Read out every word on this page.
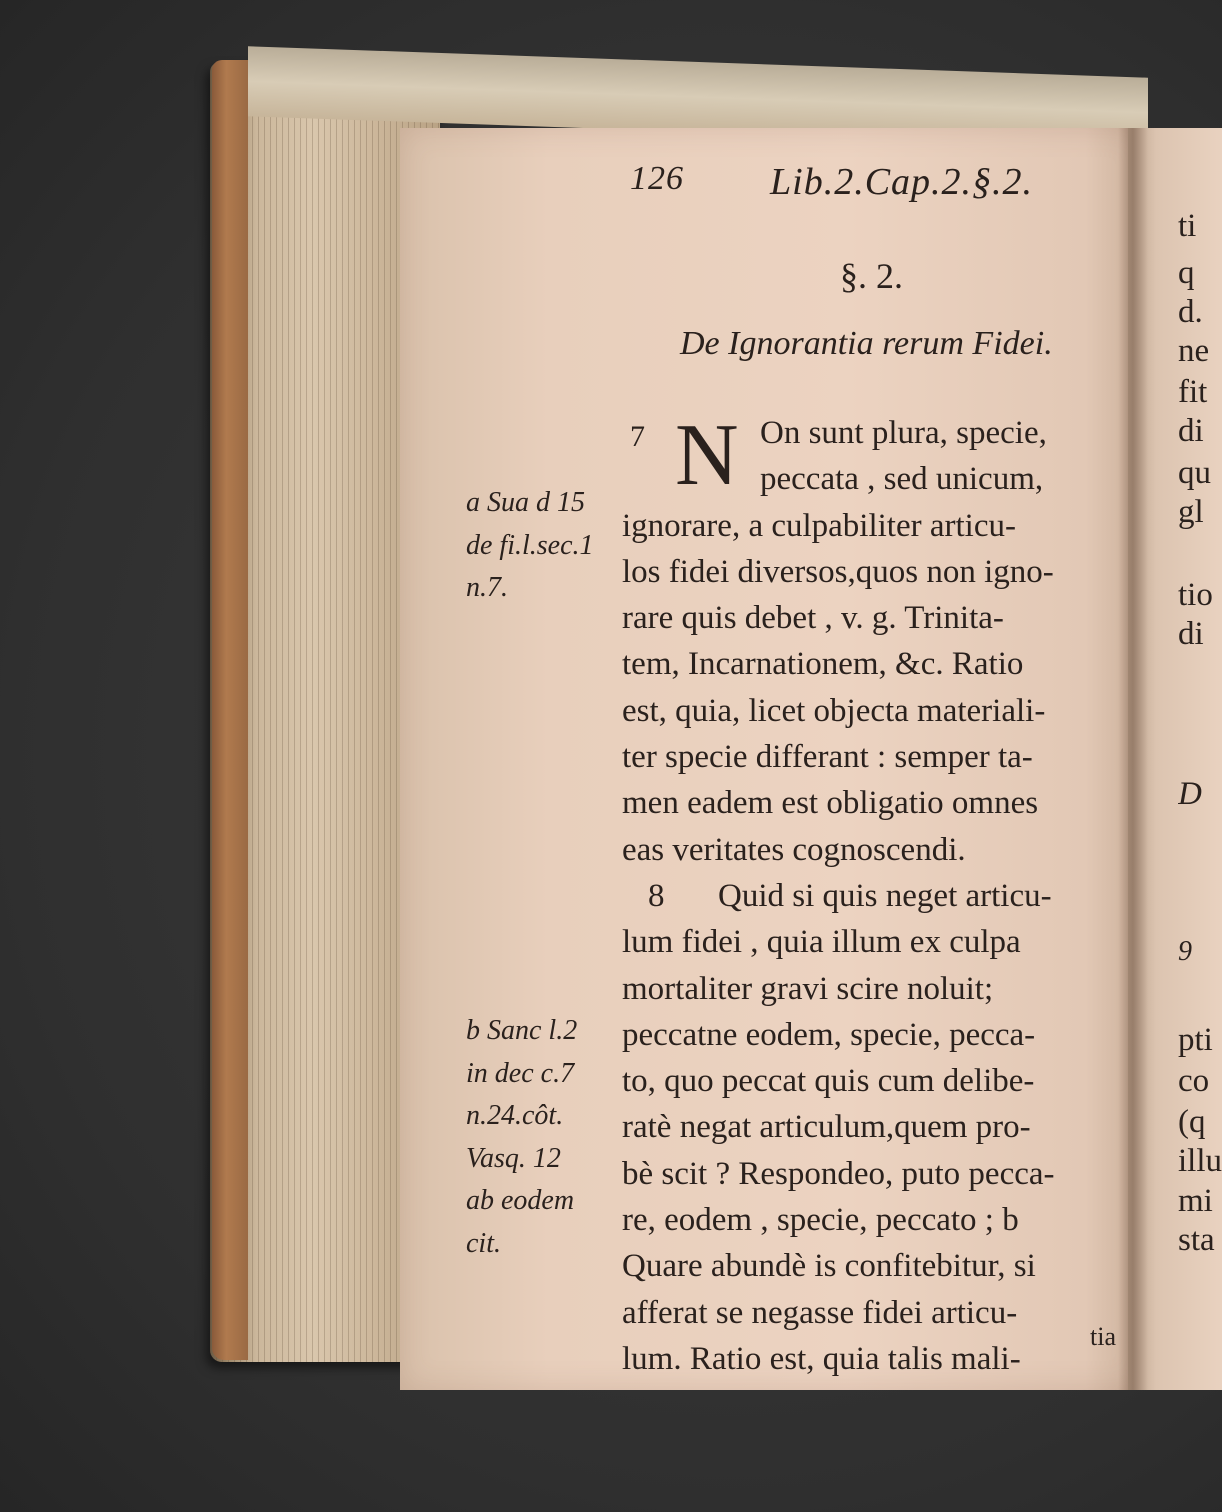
126 Lib.2.Cap.2.§.2.
§. 2.
De Ignorantia rerum Fidei.
7 N On sunt plura, specie,
peccata , sed unicum,
ignorare, a culpabiliter articu-
los fidei diversos,quos non igno-
rare quis debet , v. g. Trinita-
tem, Incarnationem, &c. Ratio
est, quia, licet objecta materiali-
ter specie differant : semper ta-
men eadem est obligatio omnes
eas veritates cognoscendi.
8	Quid si quis neget articu-
lum fidei , quia illum ex culpa
mortaliter gravi scire noluit;
peccatne eodem, specie, pecca-
to, quo peccat quis cum delibe-
ratè negat articulum,quem pro-
bè scit ? Respondeo, puto pecca-
re, eodem , specie, peccato ; b
Quare abundè is confitebitur, si
afferat se negasse fidei articu-
lum. Ratio est, quia talis mali-
tia
a Sua d 15
de fi.l.sec.1
n.7.
b Sanc l.2
in dec c.7
n.24.côt.
Vasq. 12
ab eodem
cit.
ti
q
d.
ne
fit
di
qu
gl
tio
di
D
9
pti
co
(q
illu
mi
sta
